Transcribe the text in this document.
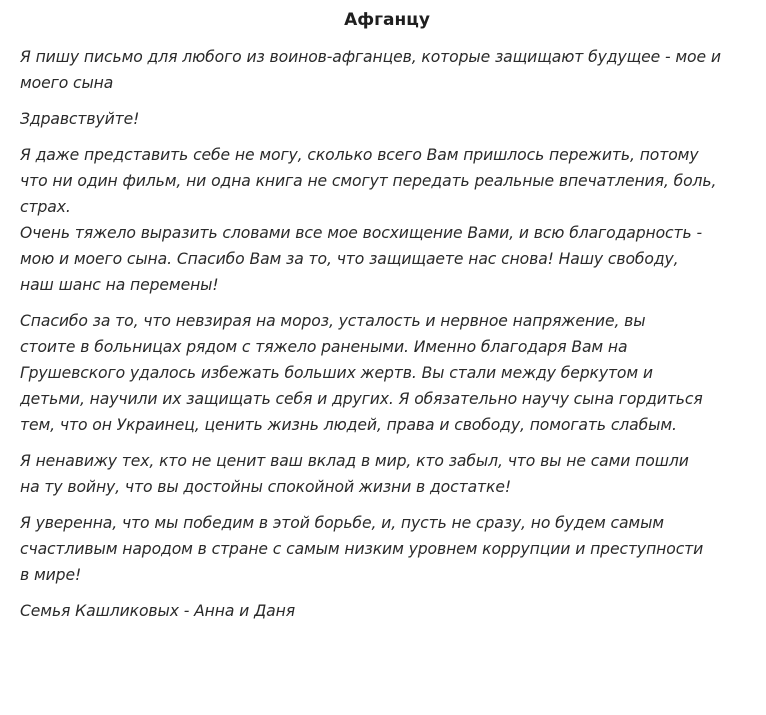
Афганцу
Я пишу письмо для любого из воинов-афганцев, которые защищают будущее - мое и
моего сына
Здравствуйте!
Я даже представить себе не могу, сколько всего Вам пришлось пережить, потому
что ни один фильм, ни одна книга не смогут передать реальные впечатления, боль,
страх.
Очень тяжело выразить словами все мое восхищение Вами, и всю благодарность -
мою и моего сына. Спасибо Вам за то, что защищаете нас снова! Нашу свободу,
наш шанс на перемены!
Спасибо за то, что невзирая на мороз, усталость и нервное напряжение, вы
стоите в больницах рядом с тяжело ранеными. Именно благодаря Вам на
Грушевского удалось избежать больших жертв. Вы стали между беркутом и
детьми, научили их защищать себя и других. Я обязательно научу сына гордиться
тем, что он Украинец, ценить жизнь людей, права и свободу, помогать слабым.
Я ненавижу тех, кто не ценит ваш вклад в мир, кто забыл, что вы не сами пошли
на ту войну, что вы достойны спокойной жизни в достатке!
Я уверенна, что мы победим в этой борьбе, и, пусть не сразу, но будем самым
счастливым народом в стране с самым низким уровнем коррупции и преступности
в мире!
Семья Кашликовых - Анна и Даня
